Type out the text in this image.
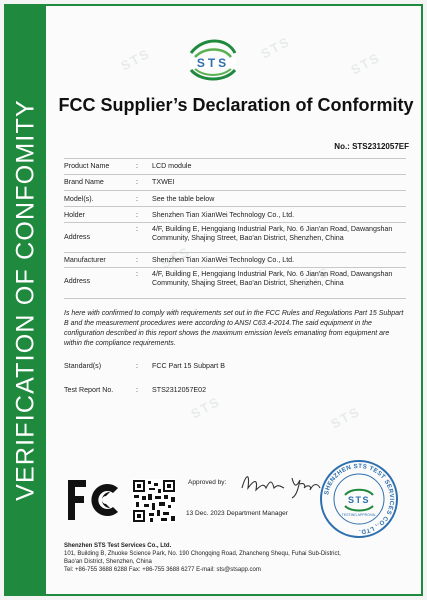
STS	STS
STS
STS
STS
STS	STS
VERIFICATION OF CONFOMITY
STS
FCC Supplier’s Declaration of Conformity
No.: STS2312057EF
Product Name	: LCD module
Brand Name	: TXWEI
Model(s).	: See the table below
Holder	: Shenzhen Tian XianWei Technology Co., Ltd.
Address
: 4/F, Building E, Hengqiang Industrial Park, No. 6 Jian'an Road, Dawangshan Community, Shajing Street, Bao'an District, Shenzhen, China
Manufacturer	: Shenzhen Tian XianWei Technology Co., Ltd.
Address
: 4/F, Building E, Hengqiang Industrial Park, No. 6 Jian'an Road, Dawangshan Community, Shajing Street, Bao'an District, Shenzhen, China
Is here with confirmed to comply with requirements set out in the FCC Rules and Regulations Part 15 Subpart B and the measurement procedures were according to ANSI C63.4-2014.The said equipment in the configuration described in this report shows the maximum emission levels emanating from equipment are within the compliance requirements.
Standard(s)	: FCC Part 15 Subpart B
Test Report No.	: STS2312057E02
Approved by:
13 Dec. 2023 Department Manager
SHENZHEN STS TEST SERVICES CO., LTD.
STS
TESTING APPROVAL
Shenzhen STS Test Services Co., Ltd.
101, Building B, Zhuoke Science Park, No. 190 Chongqing Road, Zhancheng Shequ, Fuhai Sub-District,
Bao'an District, Shenzhen, China
Tel: +86-755 3688 6288 Fax: +86-755 3688 6277 E-mail: sts@stsapp.com
